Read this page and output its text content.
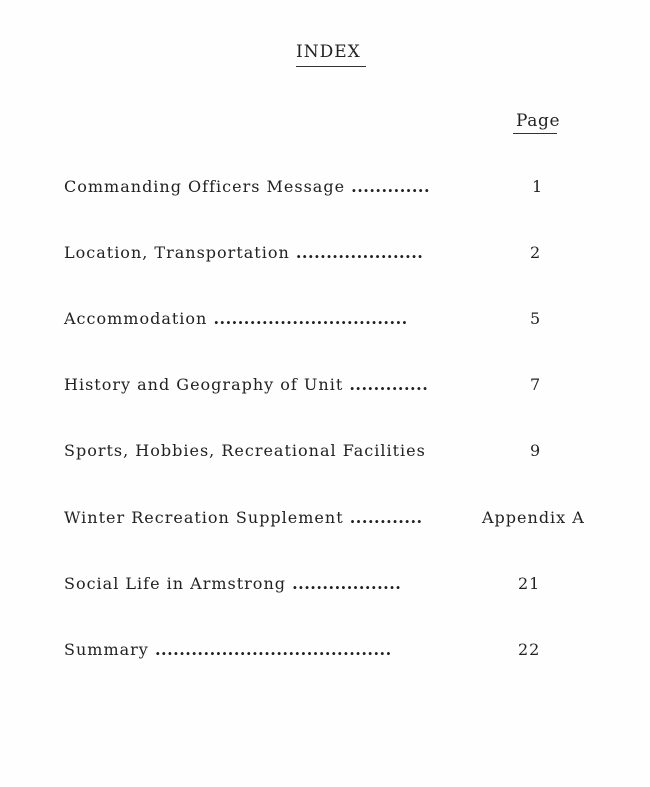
INDEX
Page
Commanding Officers Message .............	1
Location, Transportation .....................	2
Accommodation ................................	5
History and Geography of Unit .............	7
Sports, Hobbies, Recreational Facilities	9
Winter Recreation Supplement ............	Appendix A
Social Life in Armstrong ..................	21
Summary .......................................	22
